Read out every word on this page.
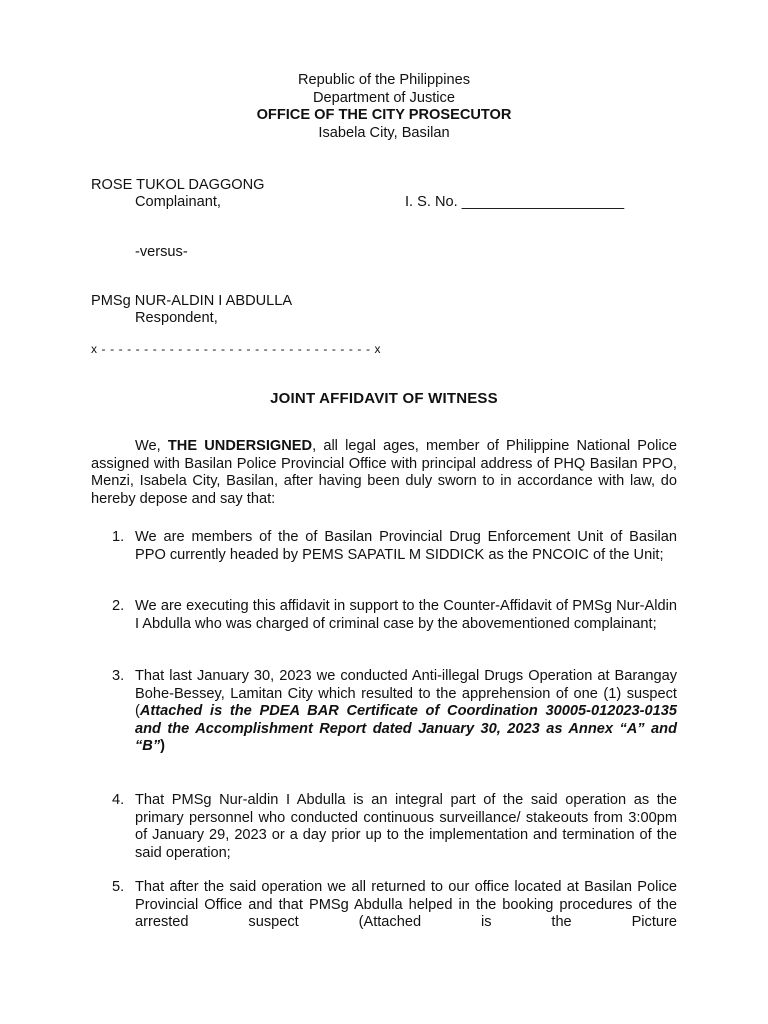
Republic of the Philippines
Department of Justice
OFFICE OF THE CITY PROSECUTOR
Isabela City, Basilan
ROSE TUKOL DAGGONG
Complainant,	I. S. No. ____________________
-versus-
PMSg NUR-ALDIN I ABDULLA
Respondent,
x - - - - - - - - - - - - - - - - - - - - - - - - - - - - - - - - x
JOINT AFFIDAVIT OF WITNESS
We, THE UNDERSIGNED, all legal ages, member of Philippine National Police assigned with Basilan Police Provincial Office with principal address of PHQ Basilan PPO, Menzi, Isabela City, Basilan, after having been duly sworn to in accordance with law, do hereby depose and say that:
1. We are members of the of Basilan Provincial Drug Enforcement Unit of Basilan PPO currently headed by PEMS SAPATIL M SIDDICK as the PNCOIC of the Unit;
2. We are executing this affidavit in support to the Counter-Affidavit of PMSg Nur-Aldin I Abdulla who was charged of criminal case by the abovementioned complainant;
3. That last January 30, 2023 we conducted Anti-illegal Drugs Operation at Barangay Bohe-Bessey, Lamitan City which resulted to the apprehension of one (1) suspect (Attached is the PDEA BAR Certificate of Coordination 30005-012023-0135 and the Accomplishment Report dated January 30, 2023 as Annex “A” and “B”)
4. That PMSg Nur-aldin I Abdulla is an integral part of the said operation as the primary personnel who conducted continuous surveillance/ stakeouts from 3:00pm of January 29, 2023 or a day prior up to the implementation and termination of the said operation;
5. That after the said operation we all returned to our office located at Basilan Police Provincial Office and that PMSg Abdulla helped in the booking procedures of the arrested suspect (Attached is the Picture
